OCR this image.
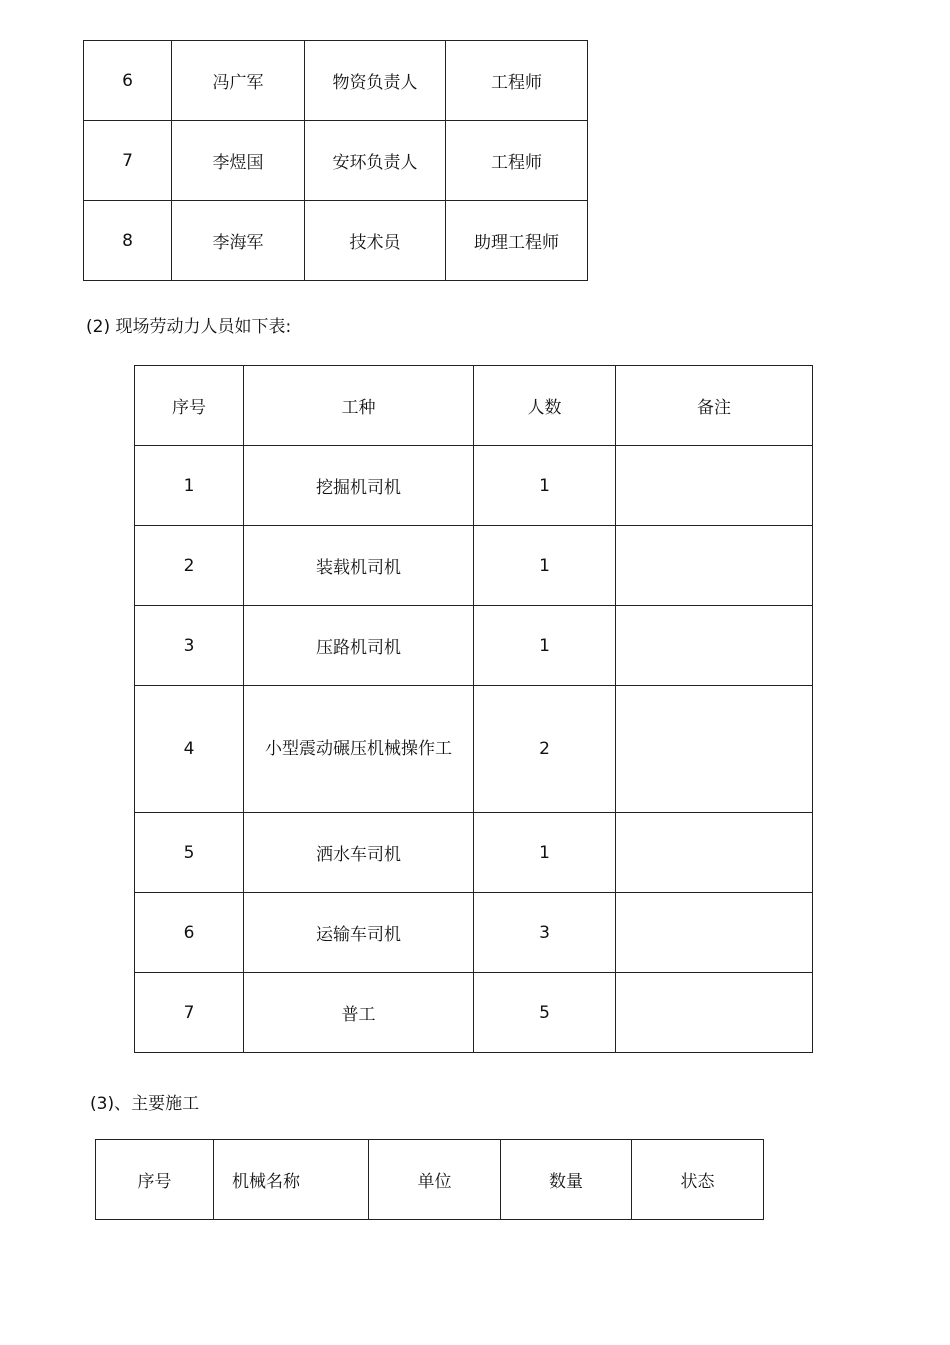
6	冯广军	物资负责人	工程师
7	李煜国	安环负责人	工程师
8	李海军	技术员	助理工程师
(2) 现场劳动力人员如下表:
序号	工种	人数	备注
1	挖掘机司机	1	
2	装载机司机	1	
3	压路机司机	1	
4	小型震动碾压机械操作工	2	
5	洒水车司机	1	
6	运输车司机	3	
7	普工	5	
(3)、主要施工
序号	机械名称	单位	数量	状态
